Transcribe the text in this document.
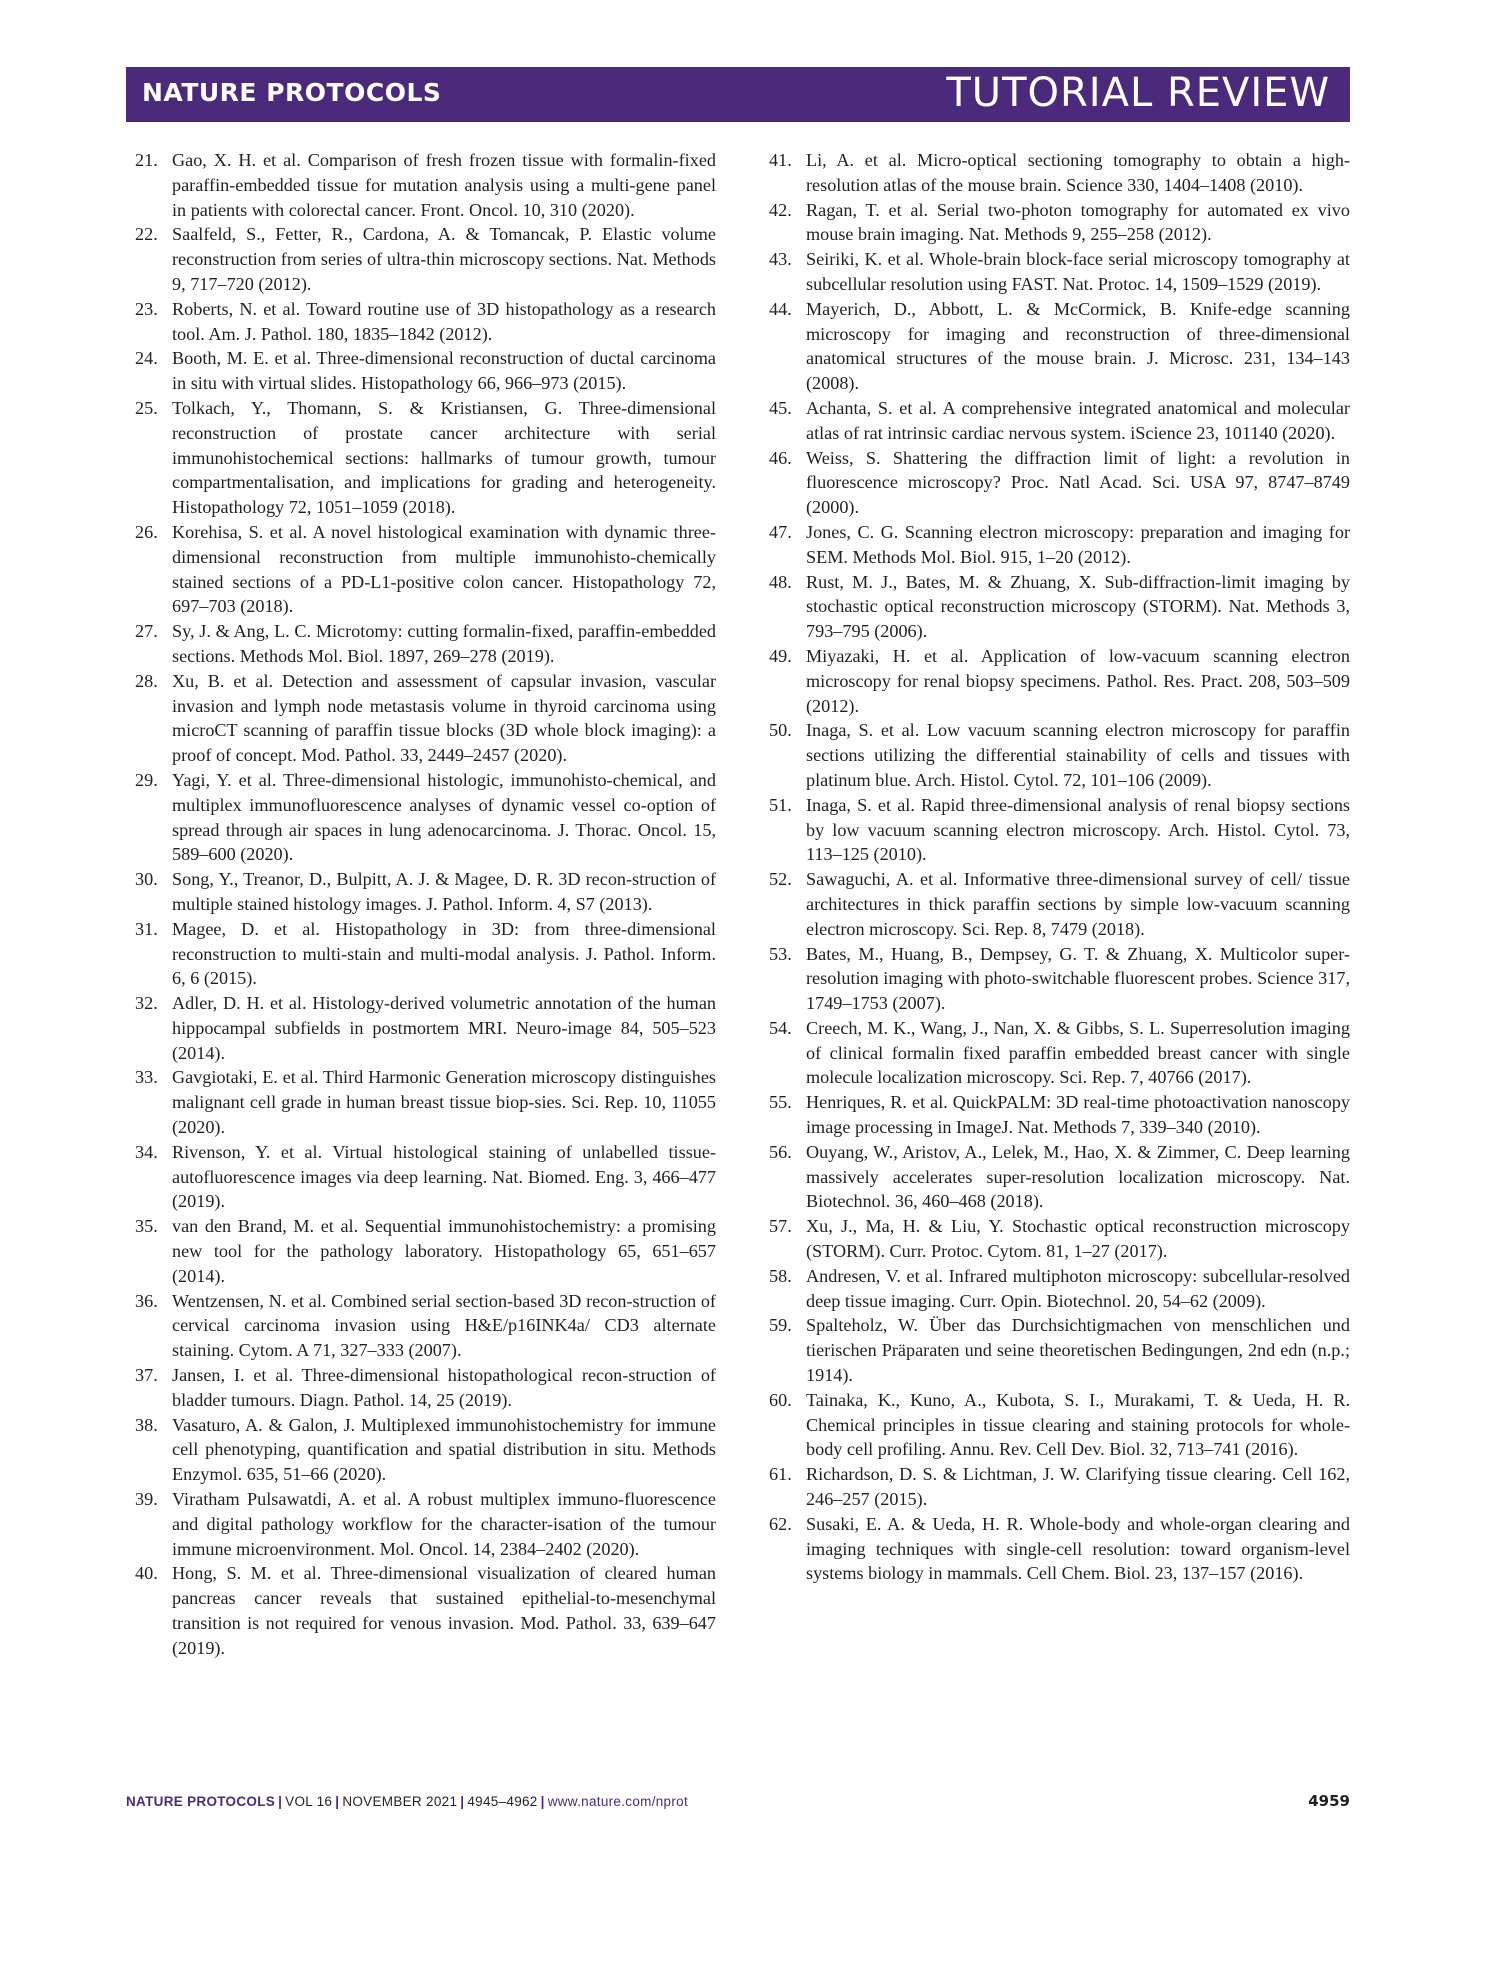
NATURE PROTOCOLS	TUTORIAL REVIEW
21. Gao, X. H. et al. Comparison of fresh frozen tissue with formalin-fixed paraffin-embedded tissue for mutation analysis using a multi-gene panel in patients with colorectal cancer. Front. Oncol. 10, 310 (2020).
22. Saalfeld, S., Fetter, R., Cardona, A. & Tomancak, P. Elastic volume reconstruction from series of ultra-thin microscopy sections. Nat. Methods 9, 717–720 (2012).
23. Roberts, N. et al. Toward routine use of 3D histopathology as a research tool. Am. J. Pathol. 180, 1835–1842 (2012).
24. Booth, M. E. et al. Three-dimensional reconstruction of ductal carcinoma in situ with virtual slides. Histopathology 66, 966–973 (2015).
25. Tolkach, Y., Thomann, S. & Kristiansen, G. Three-dimensional reconstruction of prostate cancer architecture with serial immunohistochemical sections: hallmarks of tumour growth, tumour compartmentalisation, and implications for grading and heterogeneity. Histopathology 72, 1051–1059 (2018).
26. Korehisa, S. et al. A novel histological examination with dynamic three-dimensional reconstruction from multiple immunohisto-chemically stained sections of a PD-L1-positive colon cancer. Histopathology 72, 697–703 (2018).
27. Sy, J. & Ang, L. C. Microtomy: cutting formalin-fixed, paraffin-embedded sections. Methods Mol. Biol. 1897, 269–278 (2019).
28. Xu, B. et al. Detection and assessment of capsular invasion, vascular invasion and lymph node metastasis volume in thyroid carcinoma using microCT scanning of paraffin tissue blocks (3D whole block imaging): a proof of concept. Mod. Pathol. 33, 2449–2457 (2020).
29. Yagi, Y. et al. Three-dimensional histologic, immunohisto-chemical, and multiplex immunofluorescence analyses of dynamic vessel co-option of spread through air spaces in lung adenocarcinoma. J. Thorac. Oncol. 15, 589–600 (2020).
30. Song, Y., Treanor, D., Bulpitt, A. J. & Magee, D. R. 3D recon-struction of multiple stained histology images. J. Pathol. Inform. 4, S7 (2013).
31. Magee, D. et al. Histopathology in 3D: from three-dimensional reconstruction to multi-stain and multi-modal analysis. J. Pathol. Inform. 6, 6 (2015).
32. Adler, D. H. et al. Histology-derived volumetric annotation of the human hippocampal subfields in postmortem MRI. Neuro-image 84, 505–523 (2014).
33. Gavgiotaki, E. et al. Third Harmonic Generation microscopy distinguishes malignant cell grade in human breast tissue biop-sies. Sci. Rep. 10, 11055 (2020).
34. Rivenson, Y. et al. Virtual histological staining of unlabelled tissue-autofluorescence images via deep learning. Nat. Biomed. Eng. 3, 466–477 (2019).
35. van den Brand, M. et al. Sequential immunohistochemistry: a promising new tool for the pathology laboratory. Histopathology 65, 651–657 (2014).
36. Wentzensen, N. et al. Combined serial section-based 3D recon-struction of cervical carcinoma invasion using H&E/p16INK4a/ CD3 alternate staining. Cytom. A 71, 327–333 (2007).
37. Jansen, I. et al. Three-dimensional histopathological recon-struction of bladder tumours. Diagn. Pathol. 14, 25 (2019).
38. Vasaturo, A. & Galon, J. Multiplexed immunohistochemistry for immune cell phenotyping, quantification and spatial distribution in situ. Methods Enzymol. 635, 51–66 (2020).
39. Viratham Pulsawatdi, A. et al. A robust multiplex immuno-fluorescence and digital pathology workflow for the character-isation of the tumour immune microenvironment. Mol. Oncol. 14, 2384–2402 (2020).
40. Hong, S. M. et al. Three-dimensional visualization of cleared human pancreas cancer reveals that sustained epithelial-to-mesenchymal transition is not required for venous invasion. Mod. Pathol. 33, 639–647 (2019).
41. Li, A. et al. Micro-optical sectioning tomography to obtain a high-resolution atlas of the mouse brain. Science 330, 1404–1408 (2010).
42. Ragan, T. et al. Serial two-photon tomography for automated ex vivo mouse brain imaging. Nat. Methods 9, 255–258 (2012).
43. Seiriki, K. et al. Whole-brain block-face serial microscopy tomography at subcellular resolution using FAST. Nat. Protoc. 14, 1509–1529 (2019).
44. Mayerich, D., Abbott, L. & McCormick, B. Knife-edge scanning microscopy for imaging and reconstruction of three-dimensional anatomical structures of the mouse brain. J. Microsc. 231, 134–143 (2008).
45. Achanta, S. et al. A comprehensive integrated anatomical and molecular atlas of rat intrinsic cardiac nervous system. iScience 23, 101140 (2020).
46. Weiss, S. Shattering the diffraction limit of light: a revolution in fluorescence microscopy? Proc. Natl Acad. Sci. USA 97, 8747–8749 (2000).
47. Jones, C. G. Scanning electron microscopy: preparation and imaging for SEM. Methods Mol. Biol. 915, 1–20 (2012).
48. Rust, M. J., Bates, M. & Zhuang, X. Sub-diffraction-limit imaging by stochastic optical reconstruction microscopy (STORM). Nat. Methods 3, 793–795 (2006).
49. Miyazaki, H. et al. Application of low-vacuum scanning electron microscopy for renal biopsy specimens. Pathol. Res. Pract. 208, 503–509 (2012).
50. Inaga, S. et al. Low vacuum scanning electron microscopy for paraffin sections utilizing the differential stainability of cells and tissues with platinum blue. Arch. Histol. Cytol. 72, 101–106 (2009).
51. Inaga, S. et al. Rapid three-dimensional analysis of renal biopsy sections by low vacuum scanning electron microscopy. Arch. Histol. Cytol. 73, 113–125 (2010).
52. Sawaguchi, A. et al. Informative three-dimensional survey of cell/ tissue architectures in thick paraffin sections by simple low-vacuum scanning electron microscopy. Sci. Rep. 8, 7479 (2018).
53. Bates, M., Huang, B., Dempsey, G. T. & Zhuang, X. Multicolor super-resolution imaging with photo-switchable fluorescent probes. Science 317, 1749–1753 (2007).
54. Creech, M. K., Wang, J., Nan, X. & Gibbs, S. L. Superresolution imaging of clinical formalin fixed paraffin embedded breast cancer with single molecule localization microscopy. Sci. Rep. 7, 40766 (2017).
55. Henriques, R. et al. QuickPALM: 3D real-time photoactivation nanoscopy image processing in ImageJ. Nat. Methods 7, 339–340 (2010).
56. Ouyang, W., Aristov, A., Lelek, M., Hao, X. & Zimmer, C. Deep learning massively accelerates super-resolution localization microscopy. Nat. Biotechnol. 36, 460–468 (2018).
57. Xu, J., Ma, H. & Liu, Y. Stochastic optical reconstruction microscopy (STORM). Curr. Protoc. Cytom. 81, 1–27 (2017).
58. Andresen, V. et al. Infrared multiphoton microscopy: subcellular-resolved deep tissue imaging. Curr. Opin. Biotechnol. 20, 54–62 (2009).
59. Spalteholz, W. Über das Durchsichtigmachen von menschlichen und tierischen Präparaten und seine theoretischen Bedingungen, 2nd edn (n.p.; 1914).
60. Tainaka, K., Kuno, A., Kubota, S. I., Murakami, T. & Ueda, H. R. Chemical principles in tissue clearing and staining protocols for whole-body cell profiling. Annu. Rev. Cell Dev. Biol. 32, 713–741 (2016).
61. Richardson, D. S. & Lichtman, J. W. Clarifying tissue clearing. Cell 162, 246–257 (2015).
62. Susaki, E. A. & Ueda, H. R. Whole-body and whole-organ clearing and imaging techniques with single-cell resolution: toward organism-level systems biology in mammals. Cell Chem. Biol. 23, 137–157 (2016).
NATURE PROTOCOLS | VOL 16 | NOVEMBER 2021 | 4945–4962 | www.nature.com/nprot	4959
